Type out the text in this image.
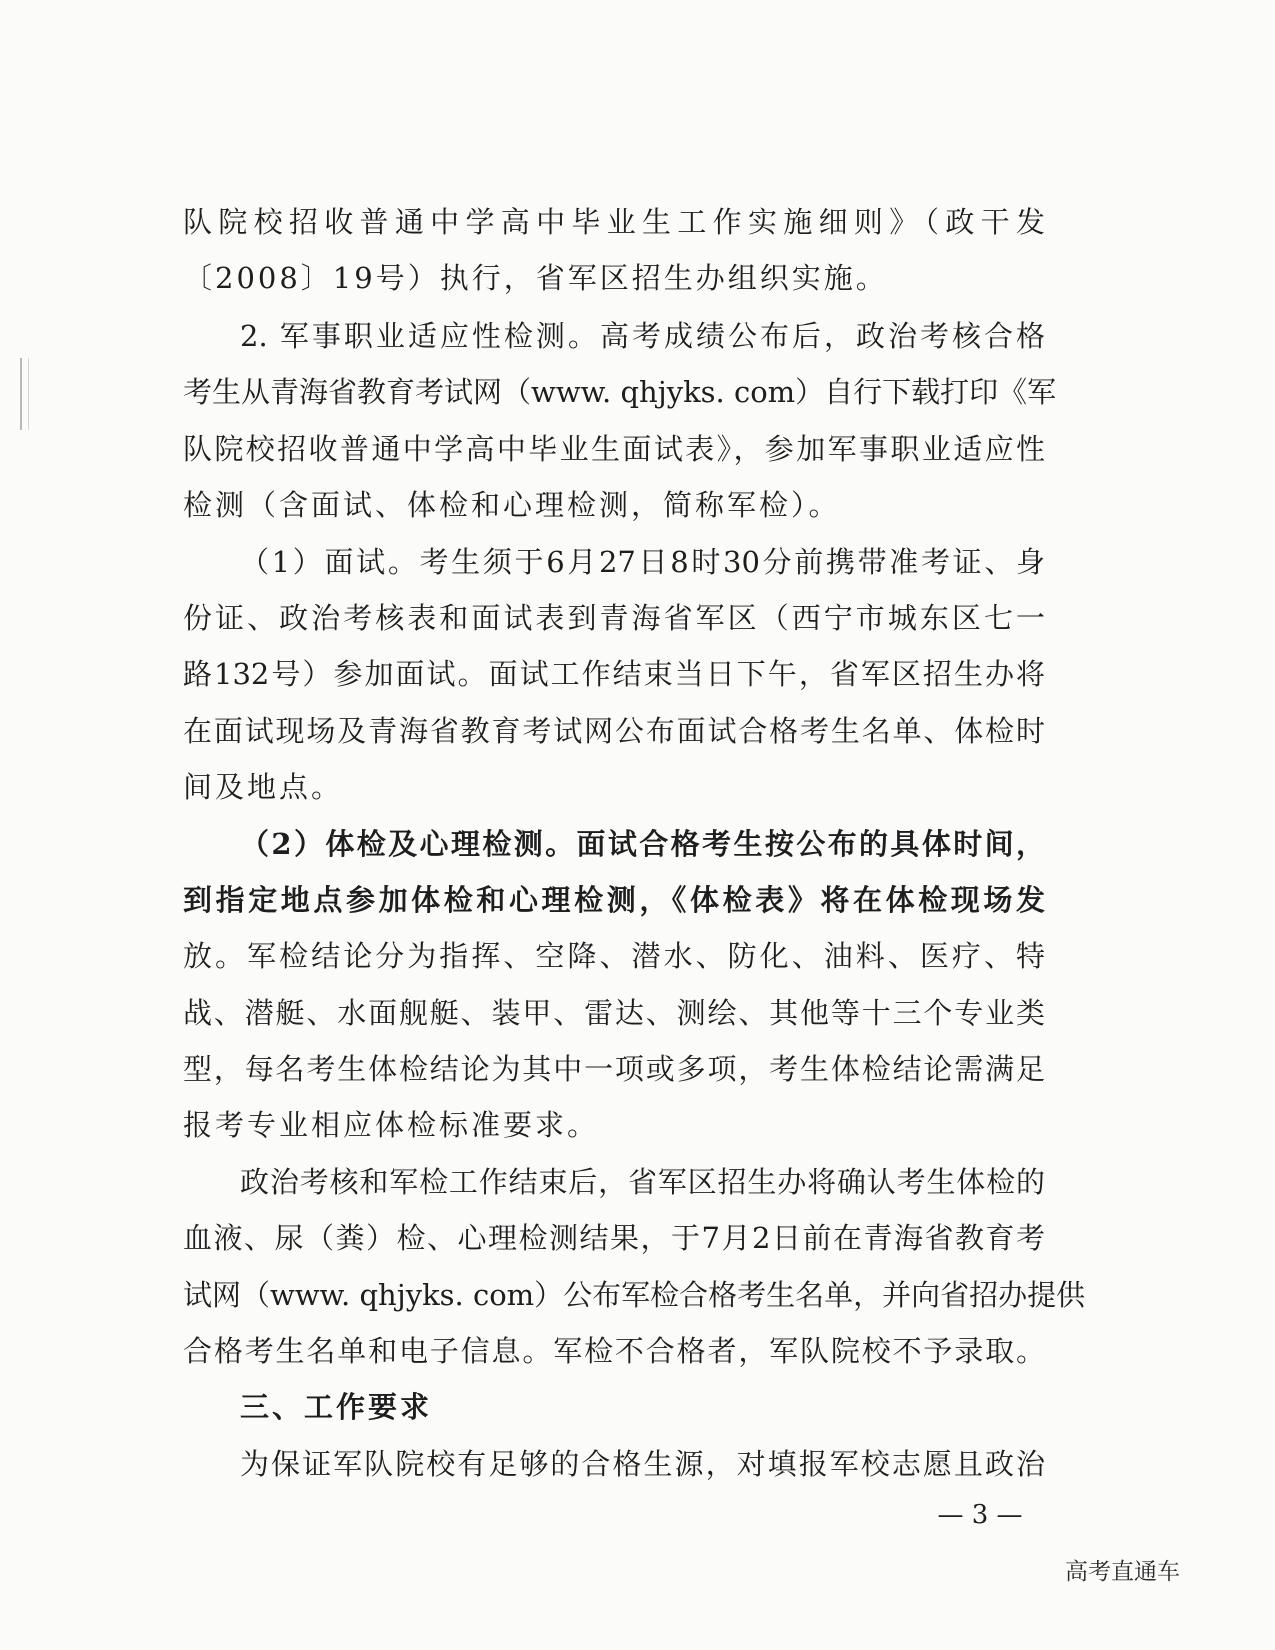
队院校招收普通中学高中毕业生工作实施细则》（政干发
〔2008〕19号）执行，省军区招生办组织实施。
2. 军事职业适应性检测。高考成绩公布后，政治考核合格
考生从青海省教育考试网（www. qhjyks. com）自行下载打印《军
队院校招收普通中学高中毕业生面试表》，参加军事职业适应性
检测（含面试、体检和心理检测，简称军检）。
（1）面试。考生须于6月27日8时30分前携带准考证、身
份证、政治考核表和面试表到青海省军区（西宁市城东区七一
路132号）参加面试。面试工作结束当日下午，省军区招生办将
在面试现场及青海省教育考试网公布面试合格考生名单、体检时
间及地点。
（2）体检及心理检测。面试合格考生按公布的具体时间，
到指定地点参加体检和心理检测，《体检表》将在体检现场发
放。军检结论分为指挥、空降、潜水、防化、油料、医疗、特
战、潜艇、水面舰艇、装甲、雷达、测绘、其他等十三个专业类
型，每名考生体检结论为其中一项或多项，考生体检结论需满足
报考专业相应体检标准要求。
政治考核和军检工作结束后，省军区招生办将确认考生体检的
血液、尿（粪）检、心理检测结果，于7月2日前在青海省教育考
试网（www. qhjyks. com）公布军检合格考生名单，并向省招办提供
合格考生名单和电子信息。军检不合格者，军队院校不予录取。
三、工作要求
为保证军队院校有足够的合格生源，对填报军校志愿且政治
— 3 —
高考直通车
